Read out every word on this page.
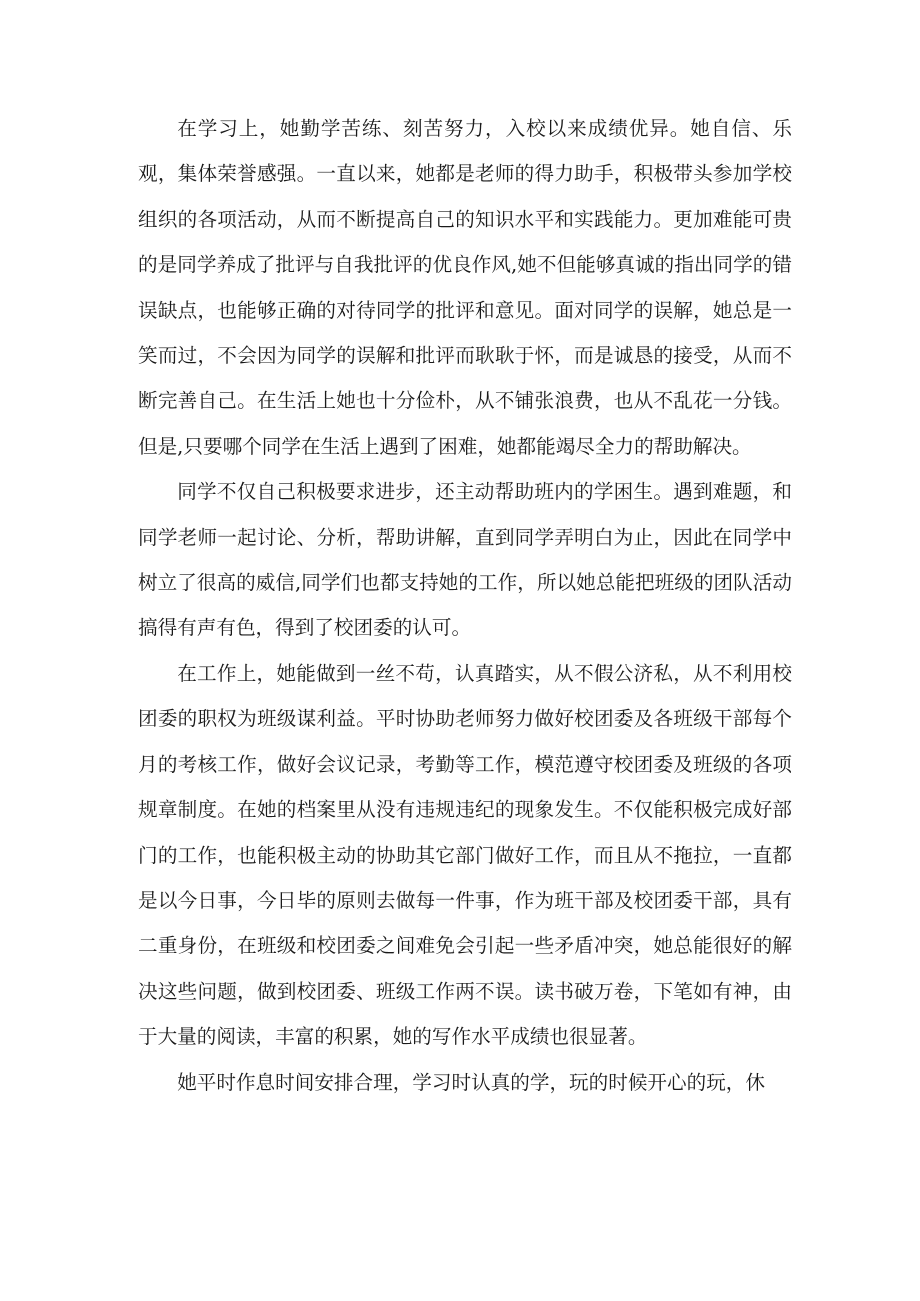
在学习上，她勤学苦练、刻苦努力，入校以来成绩优异。她自信、乐观，集体荣誉感强。一直以来，她都是老师的得力助手，积极带头参加学校组织的各项活动，从而不断提高自己的知识水平和实践能力。更加难能可贵的是同学养成了批评与自我批评的优良作风,她不但能够真诚的指出同学的错误缺点，也能够正确的对待同学的批评和意见。面对同学的误解，她总是一笑而过，不会因为同学的误解和批评而耿耿于怀，而是诚恳的接受，从而不断完善自己。在生活上她也十分俭朴，从不铺张浪费，也从不乱花一分钱。但是,只要哪个同学在生活上遇到了困难，她都能竭尽全力的帮助解决。

同学不仅自己积极要求进步，还主动帮助班内的学困生。遇到难题，和同学老师一起讨论、分析，帮助讲解，直到同学弄明白为止，因此在同学中树立了很高的威信,同学们也都支持她的工作，所以她总能把班级的团队活动搞得有声有色，得到了校团委的认可。

在工作上，她能做到一丝不苟，认真踏实，从不假公济私，从不利用校团委的职权为班级谋利益。平时协助老师努力做好校团委及各班级干部每个月的考核工作，做好会议记录，考勤等工作，模范遵守校团委及班级的各项规章制度。在她的档案里从没有违规违纪的现象发生。不仅能积极完成好部门的工作，也能积极主动的协助其它部门做好工作，而且从不拖拉，一直都是以今日事，今日毕的原则去做每一件事，作为班干部及校团委干部，具有二重身份，在班级和校团委之间难免会引起一些矛盾冲突，她总能很好的解决这些问题，做到校团委、班级工作两不误。读书破万卷，下笔如有神，由于大量的阅读，丰富的积累，她的写作水平成绩也很显著。

她平时作息时间安排合理，学习时认真的学，玩的时候开心的玩，休
